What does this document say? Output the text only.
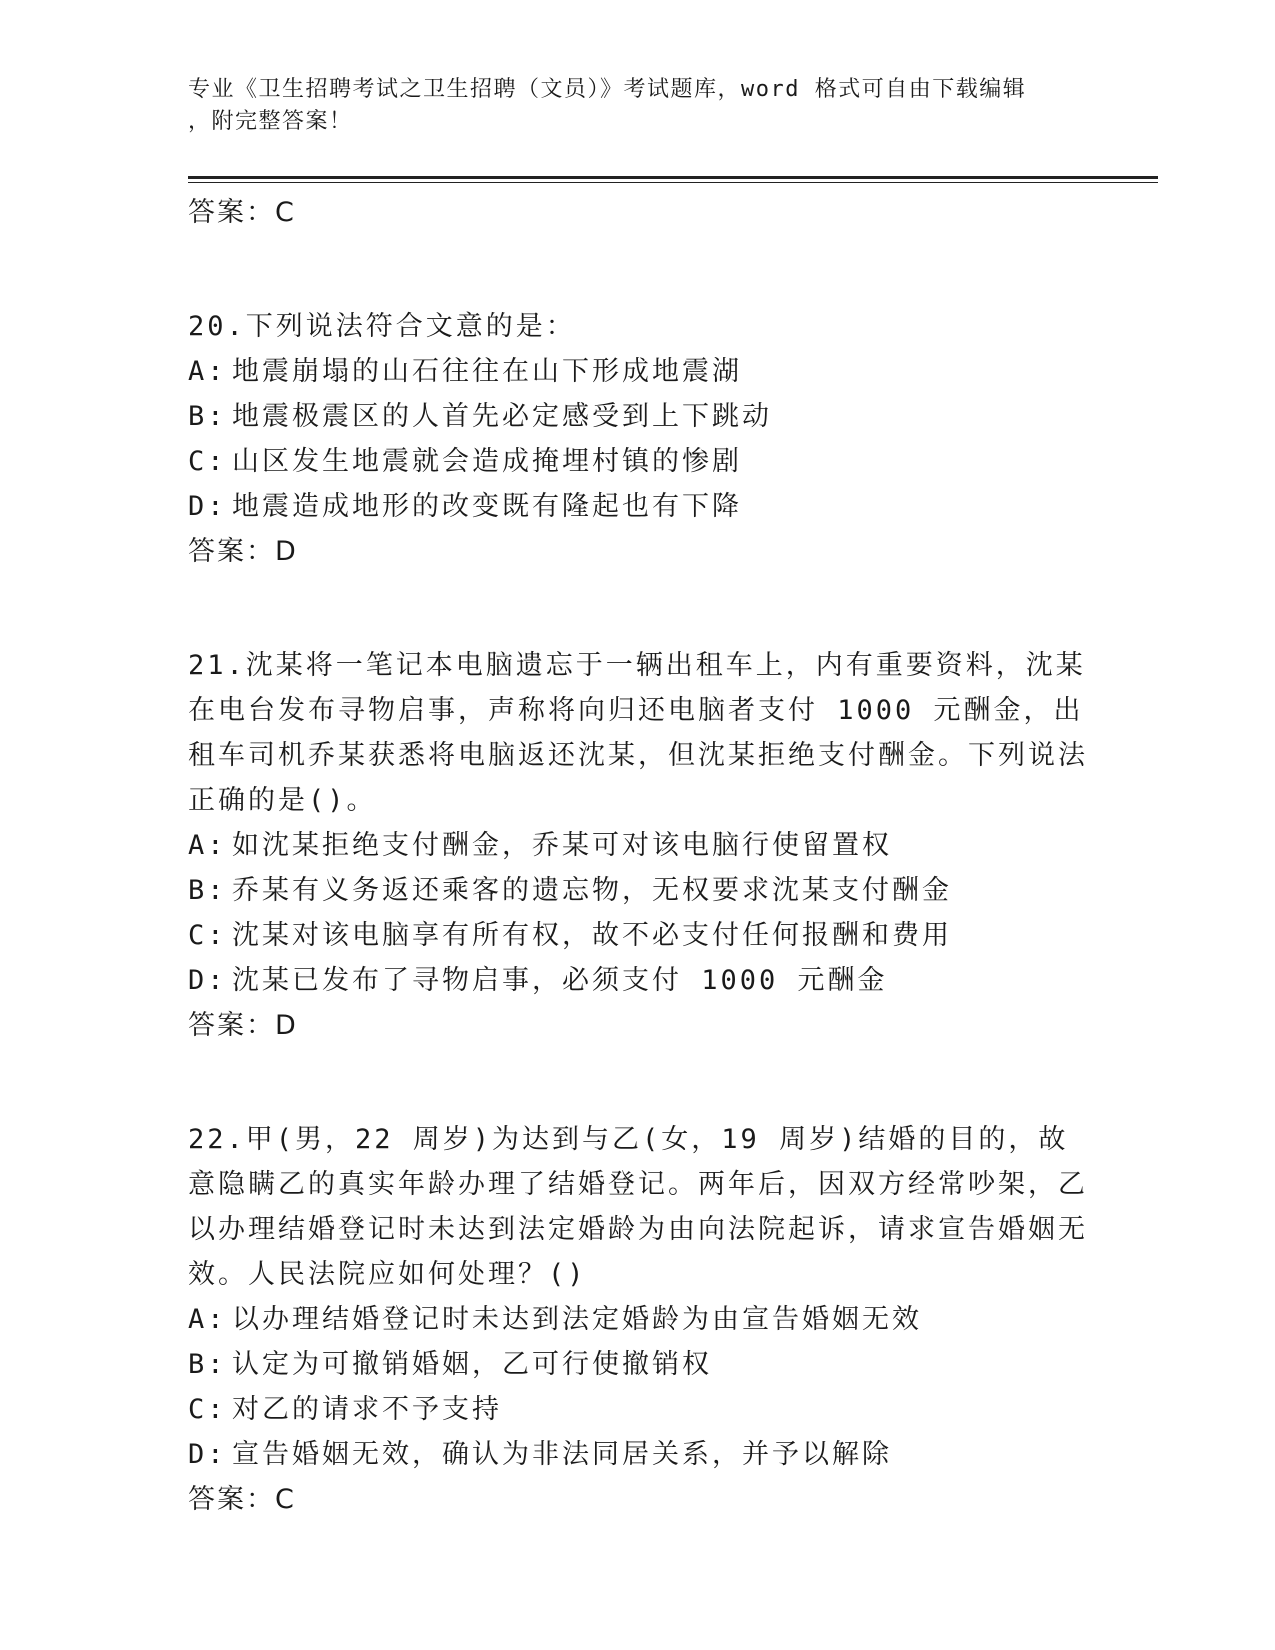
专业《卫生招聘考试之卫生招聘（文员）》考试题库，word 格式可自由下载编辑
，附完整答案！
答案：C
20.下列说法符合文意的是：
A: 地震崩塌的山石往往在山下形成地震湖
B: 地震极震区的人首先必定感受到上下跳动
C: 山区发生地震就会造成掩埋村镇的惨剧
D: 地震造成地形的改变既有隆起也有下降
答案：D
21.沈某将一笔记本电脑遗忘于一辆出租车上，内有重要资料，沈某在电台发布寻物启事，声称将向归还电脑者支付 1000 元酬金，出租车司机乔某获悉将电脑返还沈某，但沈某拒绝支付酬金。下列说法正确的是()。
A: 如沈某拒绝支付酬金，乔某可对该电脑行使留置权
B: 乔某有义务返还乘客的遗忘物，无权要求沈某支付酬金
C: 沈某对该电脑享有所有权，故不必支付任何报酬和费用
D: 沈某已发布了寻物启事，必须支付 1000 元酬金
答案：D
22.甲(男，22 周岁)为达到与乙(女，19 周岁)结婚的目的，故意隐瞒乙的真实年龄办理了结婚登记。两年后，因双方经常吵架，乙以办理结婚登记时未达到法定婚龄为由向法院起诉，请求宣告婚姻无效。人民法院应如何处理？()
A: 以办理结婚登记时未达到法定婚龄为由宣告婚姻无效
B: 认定为可撤销婚姻，乙可行使撤销权
C: 对乙的请求不予支持
D: 宣告婚姻无效，确认为非法同居关系，并予以解除
答案：C
